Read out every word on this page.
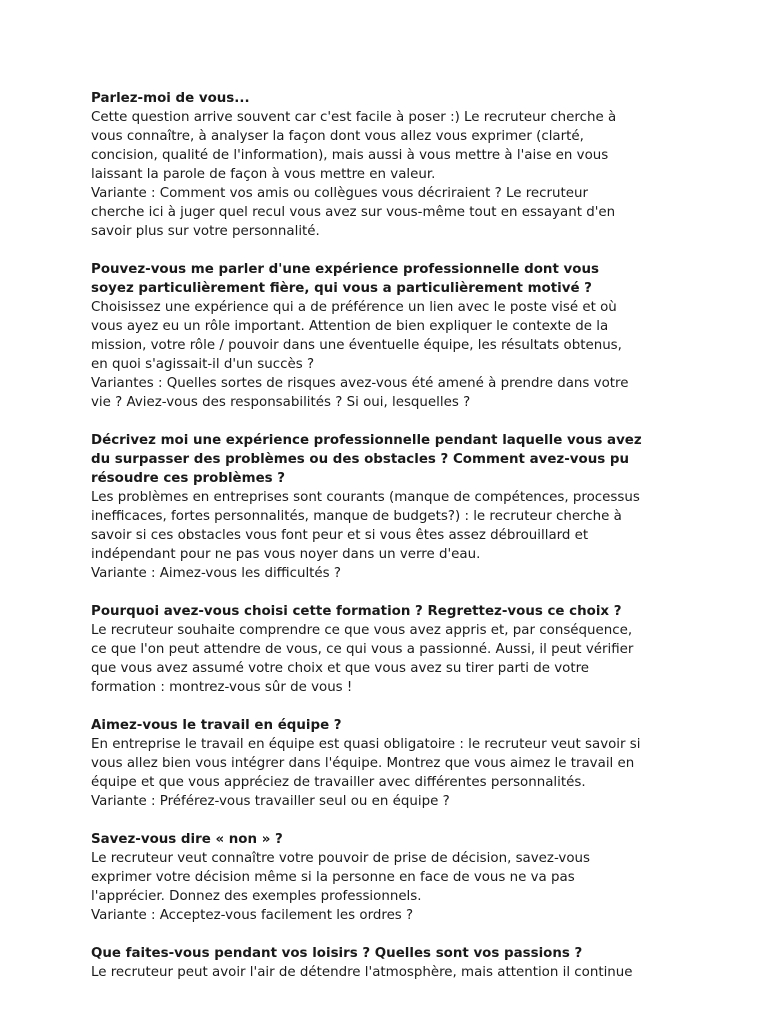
Parlez-moi de vous...

Cette question arrive souvent car c'est facile à poser :) Le recruteur cherche à
vous connaître, à analyser la façon dont vous allez vous exprimer (clarté,
concision, qualité de l'information), mais aussi à vous mettre à l'aise en vous
laissant la parole de façon à vous mettre en valeur.

Variante : Comment vos amis ou collègues vous décriraient ? Le recruteur
cherche ici à juger quel recul vous avez sur vous-même tout en essayant d'en
savoir plus sur votre personnalité.

Pouvez-vous me parler d'une expérience professionnelle dont vous
soyez particulièrement fière, qui vous a particulièrement motivé ?

Choisissez une expérience qui a de préférence un lien avec le poste visé et où
vous ayez eu un rôle important. Attention de bien expliquer le contexte de la
mission, votre rôle / pouvoir dans une éventuelle équipe, les résultats obtenus,
en quoi s'agissait-il d'un succès ?

Variantes : Quelles sortes de risques avez-vous été amené à prendre dans votre
vie ? Aviez-vous des responsabilités ? Si oui, lesquelles ?

Décrivez moi une expérience professionnelle pendant laquelle vous avez
du surpasser des problèmes ou des obstacles ? Comment avez-vous pu
résoudre ces problèmes ?

Les problèmes en entreprises sont courants (manque de compétences, processus
inefficaces, fortes personnalités, manque de budgets?) : le recruteur cherche à
savoir si ces obstacles vous font peur et si vous êtes assez débrouillard et
indépendant pour ne pas vous noyer dans un verre d'eau.

Variante : Aimez-vous les difficultés ?

Pourquoi avez-vous choisi cette formation ? Regrettez-vous ce choix ?

Le recruteur souhaite comprendre ce que vous avez appris et, par conséquence,
ce que l'on peut attendre de vous, ce qui vous a passionné. Aussi, il peut vérifier
que vous avez assumé votre choix et que vous avez su tirer parti de votre
formation : montrez-vous sûr de vous !

Aimez-vous le travail en équipe ?

En entreprise le travail en équipe est quasi obligatoire : le recruteur veut savoir si
vous allez bien vous intégrer dans l'équipe. Montrez que vous aimez le travail en
équipe et que vous appréciez de travailler avec différentes personnalités.

Variante : Préférez-vous travailler seul ou en équipe ?

Savez-vous dire « non » ?

Le recruteur veut connaître votre pouvoir de prise de décision, savez-vous
exprimer votre décision même si la personne en face de vous ne va pas
l'apprécier. Donnez des exemples professionnels.

Variante : Acceptez-vous facilement les ordres ?

Que faites-vous pendant vos loisirs ? Quelles sont vos passions ?

Le recruteur peut avoir l'air de détendre l'atmosphère, mais attention il continue
